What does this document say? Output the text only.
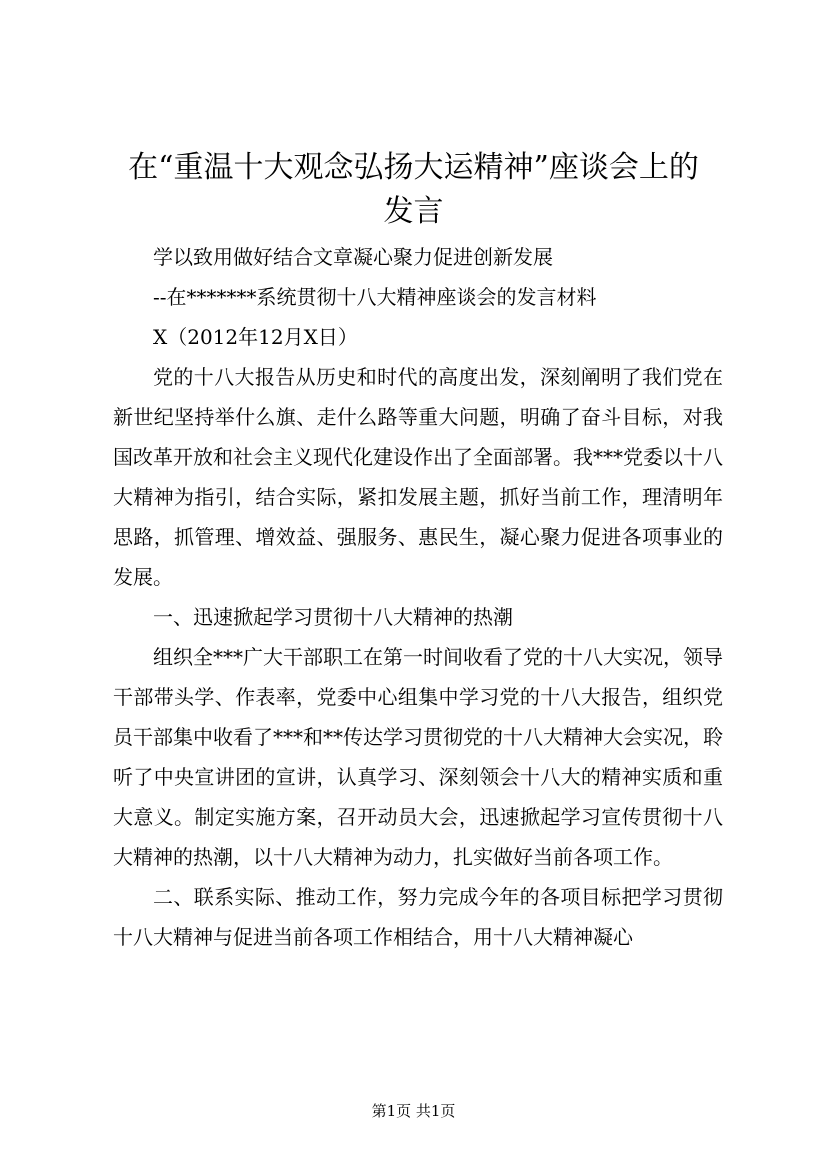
在“重温十大观念弘扬大运精神”座谈会上的
发言

学以致用做好结合文章凝心聚力促进创新发展

--在*******系统贯彻十八大精神座谈会的发言材料

X（2012年12月X日）

党的十八大报告从历史和时代的高度出发，深刻阐明了我们党在新世纪坚持举什么旗、走什么路等重大问题，明确了奋斗目标，对我国改革开放和社会主义现代化建设作出了全面部署。我***党委以十八大精神为指引，结合实际，紧扣发展主题，抓好当前工作，理清明年思路，抓管理、增效益、强服务、惠民生，凝心聚力促进各项事业的发展。

一、迅速掀起学习贯彻十八大精神的热潮

组织全***广大干部职工在第一时间收看了党的十八大实况，领导干部带头学、作表率，党委中心组集中学习党的十八大报告，组织党员干部集中收看了***和**传达学习贯彻党的十八大精神大会实况，聆听了中央宣讲团的宣讲，认真学习、深刻领会十八大的精神实质和重大意义。制定实施方案，召开动员大会，迅速掀起学习宣传贯彻十八大精神的热潮，以十八大精神为动力，扎实做好当前各项工作。

二、联系实际、推动工作，努力完成今年的各项目标把学习贯彻十八大精神与促进当前各项工作相结合，用十八大精神凝心

第1页 共1页
